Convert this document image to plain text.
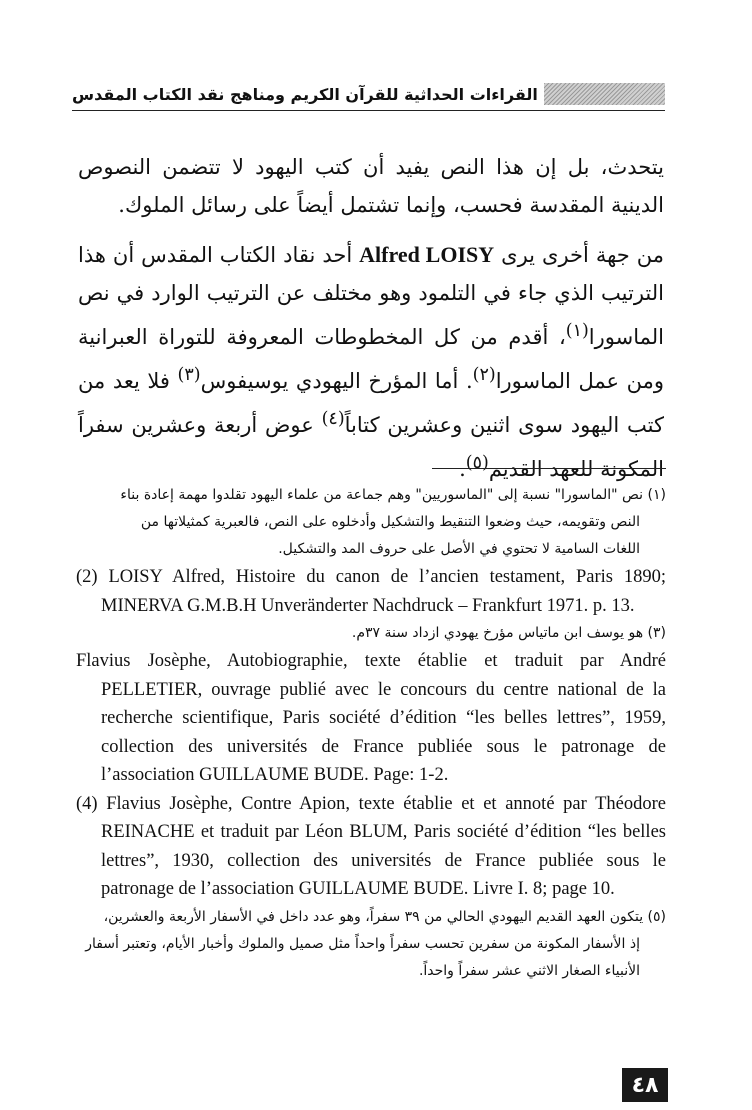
القراءات الحداثية للقرآن الكريم ومناهج نقد الكتاب المقدس

يتحدث، بل إن هذا النص يفيد أن كتب اليهود لا تتضمن النصوص الدينية المقدسة فحسب، وإنما تشتمل أيضاً على رسائل الملوك.

من جهة أخرى يرى Alfred LOISY أحد نقاد الكتاب المقدس أن هذا الترتيب الذي جاء في التلمود وهو مختلف عن الترتيب الوارد في نص الماسورا$^{(١)}$، أقدم من كل المخطوطات المعروفة للتوراة العبرانية ومن عمل الماسورا$^{(٢)}$. أما المؤرخ اليهودي يوسيفوس$^{(٣)}$ فلا يعد من كتب اليهود سوى اثنين وعشرين كتاباً$^{(٤)}$ عوض أربعة وعشرين سفراً المكونة للعهد القديم$^{(٥)}$.

(١) نص "الماسورا" نسبة إلى "الماسوريين" وهم جماعة من علماء اليهود تقلدوا مهمة إعادة بناء
النص وتقويمه، حيث وضعوا التنقيط والتشكيل وأدخلوه على النص، فالعبرية كمثيلاتها من
اللغات السامية لا تحتوي في الأصل على حروف المد والتشكيل.

(2) LOISY Alfred, Histoire du canon de l’ancien testament, Paris 1890; MINERVA G.M.B.H Unveränderter Nachdruck – Frankfurt 1971. p. 13.

(٣) هو يوسف ابن ماتياس مؤرخ يهودي ازداد سنة ٣٧م.

Flavius Josèphe, Autobiographie, texte établie et traduit par André PELLETIER, ouvrage publié avec le concours du centre national de la recherche scientifique, Paris société d’édition “les belles lettres”, 1959, collection des universités de France publiée sous le patronage de l’association GUILLAUME BUDE. Page: 1-2.

(4) Flavius Josèphe, Contre Apion, texte établie et et annoté par Théodore REINACHE et traduit par Léon BLUM, Paris société d’édition “les belles lettres”, 1930, collection des universités de France publiée sous le patronage de l’association GUILLAUME BUDE. Livre I. 8; page 10.

(٥) يتكون العهد القديم اليهودي الحالي من ٣٩ سفراً، وهو عدد داخل في الأسفار الأربعة والعشرين،
إذ الأسفار المكونة من سفرين تحسب سفراً واحداً مثل صميل والملوك وأخبار الأيام، وتعتبر أسفار
الأنبياء الصغار الاثني عشر سفراً واحداً.

٤٨
